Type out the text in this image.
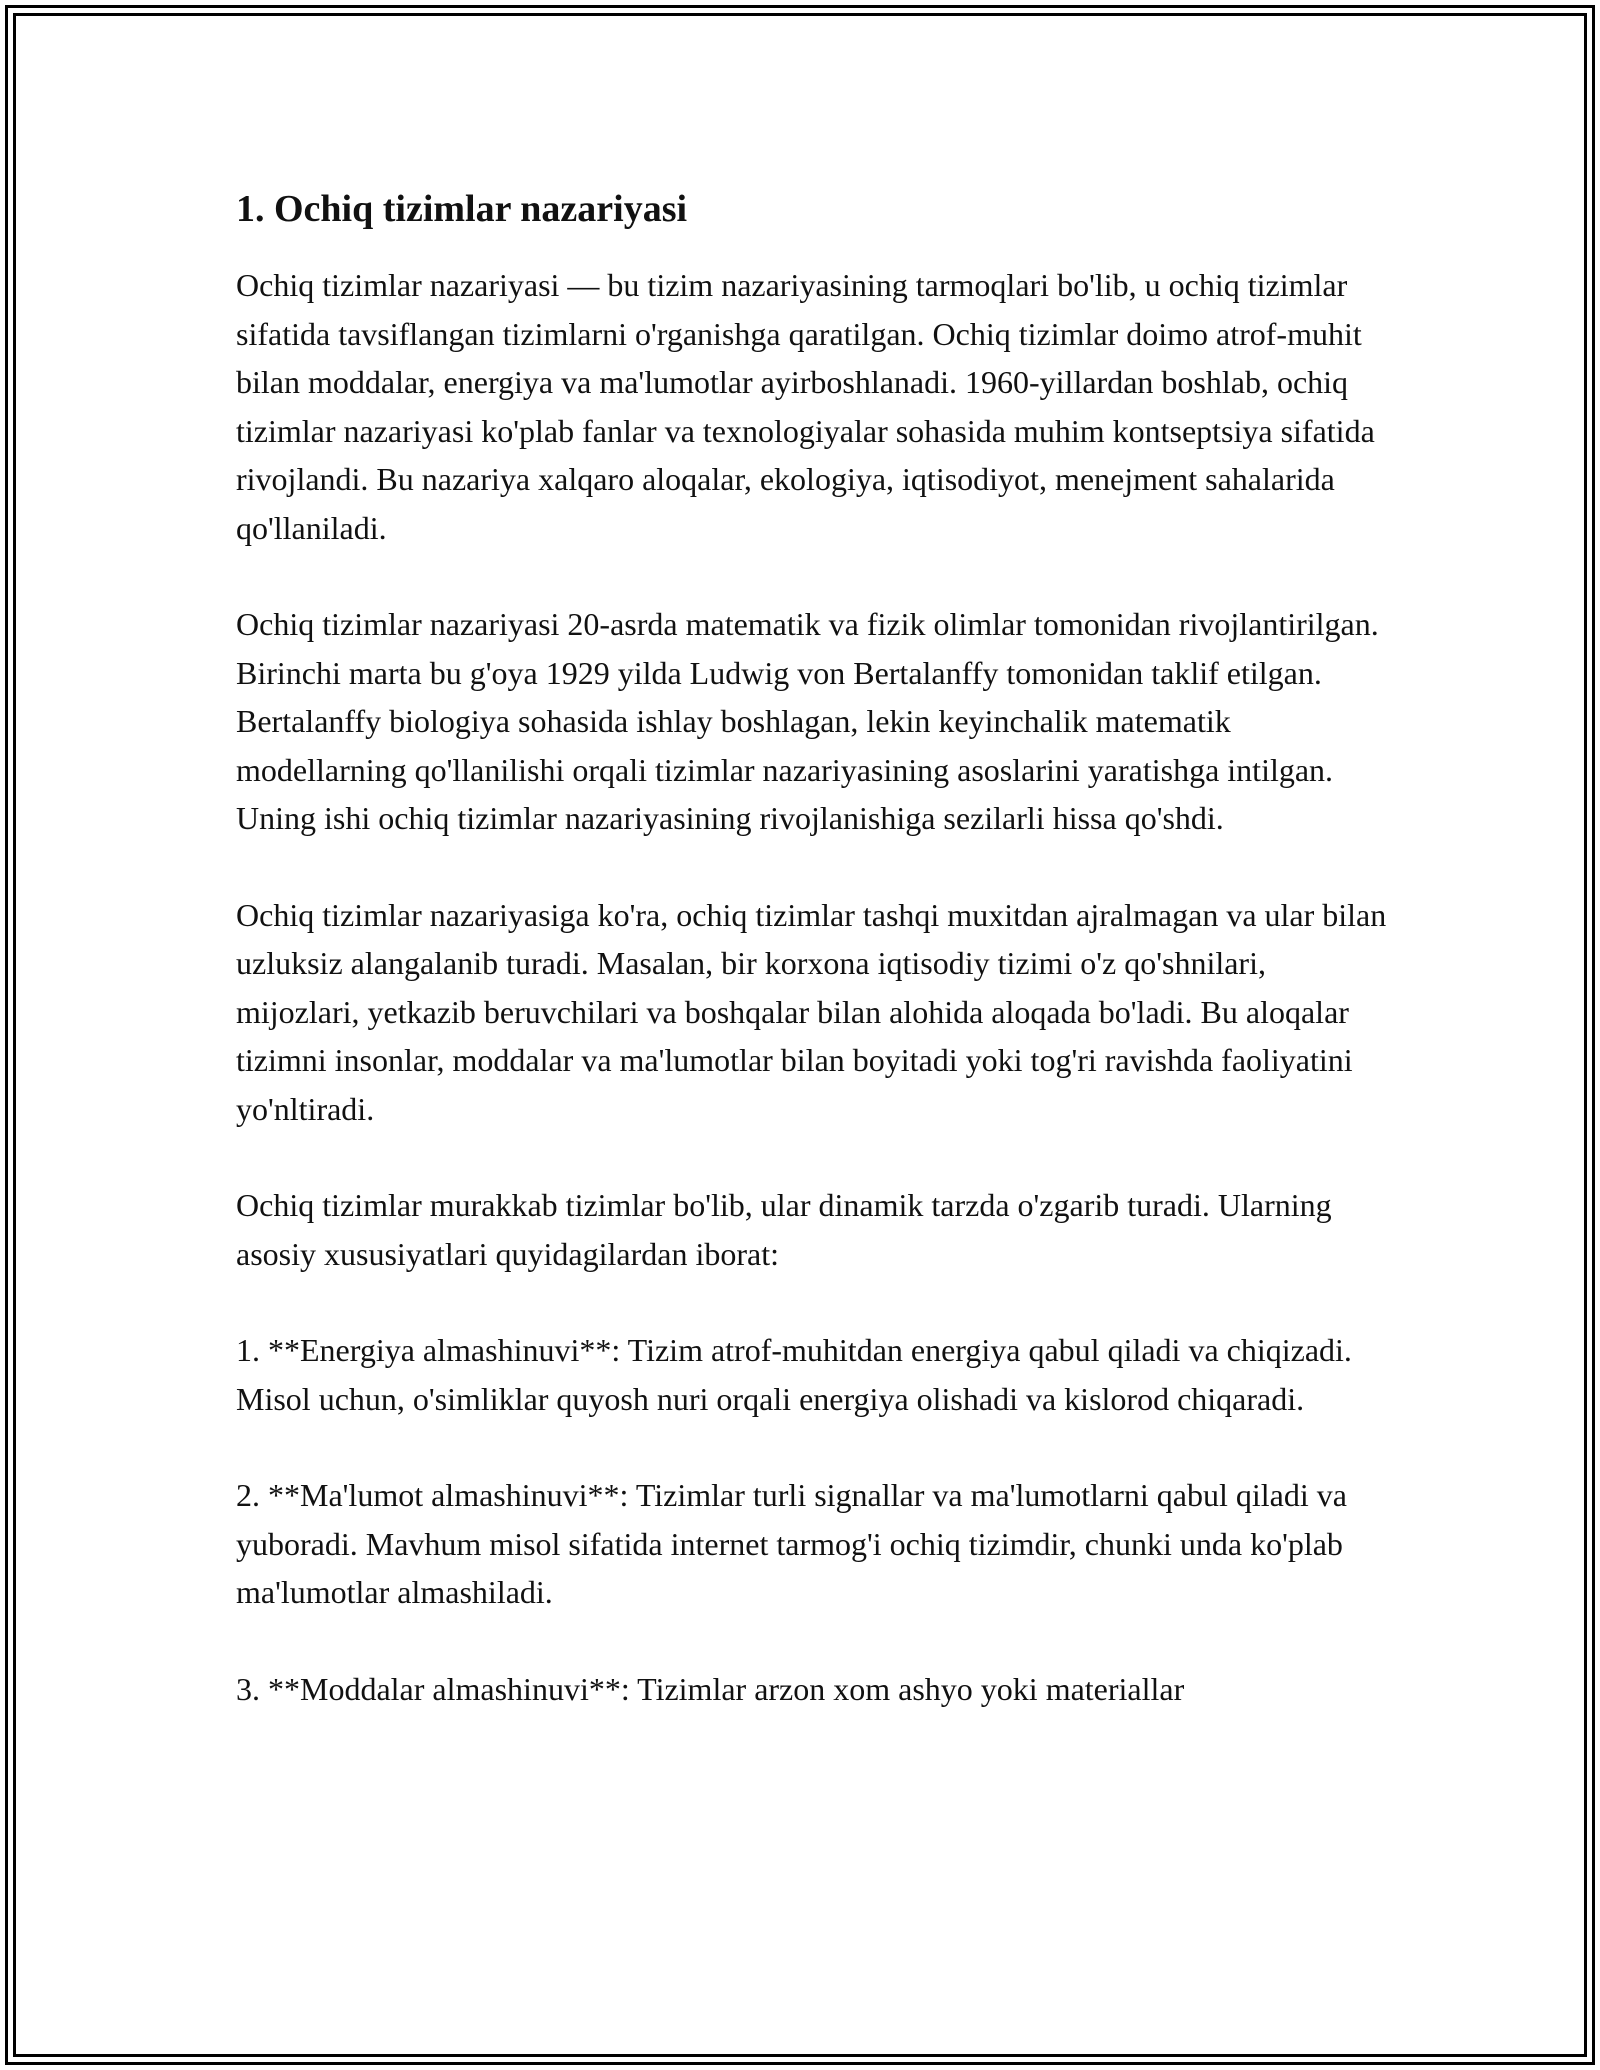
1. Ochiq tizimlar nazariyasi

Ochiq tizimlar nazariyasi — bu tizim nazariyasining tarmoqlari bo'lib, u ochiq tizimlar sifatida tavsiflangan tizimlarni o'rganishga qaratilgan. Ochiq tizimlar doimo atrof-muhit bilan moddalar, energiya va ma'lumotlar ayirboshlanadi. 1960-yillardan boshlab, ochiq tizimlar nazariyasi ko'plab fanlar va texnologiyalar sohasida muhim kontseptsiya sifatida rivojlandi. Bu nazariya xalqaro aloqalar, ekologiya, iqtisodiyot, menejment sahalarida qo'llaniladi.

Ochiq tizimlar nazariyasi 20-asrda matematik va fizik olimlar tomonidan rivojlantirilgan. Birinchi marta bu g'oya 1929 yilda Ludwig von Bertalanffy tomonidan taklif etilgan. Bertalanffy biologiya sohasida ishlay boshlagan, lekin keyinchalik matematik modellarning qo'llanilishi orqali tizimlar nazariyasining asoslarini yaratishga intilgan. Uning ishi ochiq tizimlar nazariyasining rivojlanishiga sezilarli hissa qo'shdi.

Ochiq tizimlar nazariyasiga ko'ra, ochiq tizimlar tashqi muxitdan ajralmagan va ular bilan uzluksiz alangalanib turadi. Masalan, bir korxona iqtisodiy tizimi o'z qo'shnilari, mijozlari, yetkazib beruvchilari va boshqalar bilan alohida aloqada bo'ladi. Bu aloqalar tizimni insonlar, moddalar va ma'lumotlar bilan boyitadi yoki tog'ri ravishda faoliyatini yo'nltiradi.

Ochiq tizimlar murakkab tizimlar bo'lib, ular dinamik tarzda o'zgarib turadi. Ularning asosiy xususiyatlari quyidagilardan iborat:

1. **Energiya almashinuvi**: Tizim atrof-muhitdan energiya qabul qiladi va chiqizadi. Misol uchun, o'simliklar quyosh nuri orqali energiya olishadi va kislorod chiqaradi.

2. **Ma'lumot almashinuvi**: Tizimlar turli signallar va ma'lumotlarni qabul qiladi va yuboradi. Mavhum misol sifatida internet tarmog'i ochiq tizimdir, chunki unda ko'plab ma'lumotlar almashiladi.

3. **Moddalar almashinuvi**: Tizimlar arzon xom ashyo yoki materiallar
